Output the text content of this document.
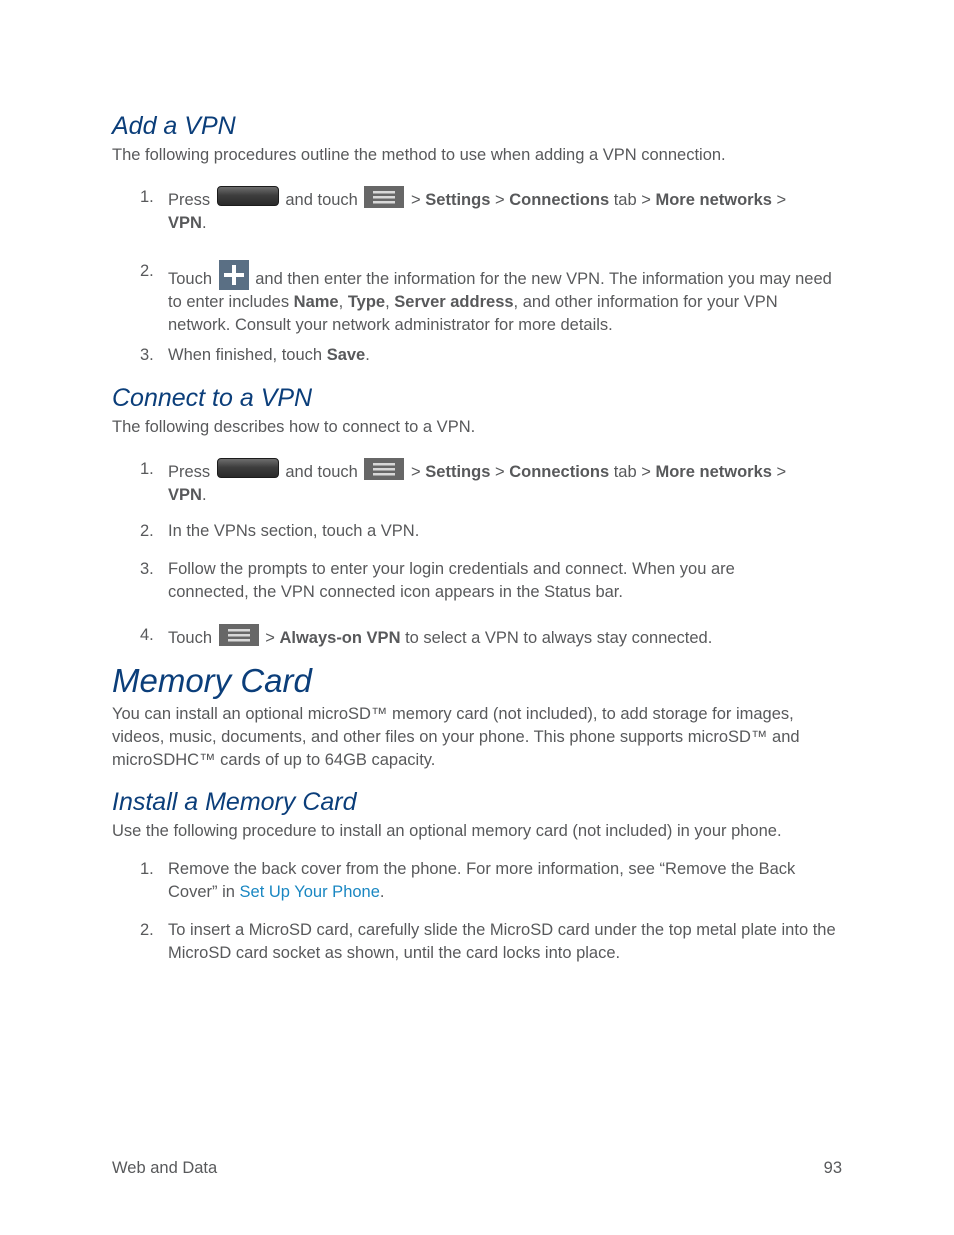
Add a VPN

The following procedures outline the method to use when adding a VPN connection.

1. Press	and touch	> Settings > Connections tab > More networks >
VPN.
2. Touch	and then enter the information for the new VPN. The information you may need to enter includes Name, Type, Server address, and other information for your VPN network. Consult your network administrator for more details.
3. When finished, touch Save.
Connect to a VPN

The following describes how to connect to a VPN.

1. Press	and touch	> Settings > Connections tab > More networks >
VPN.
2. In the VPNs section, touch a VPN.
3. Follow the prompts to enter your login credentials and connect. When you are connected, the VPN connected icon appears in the Status bar.
4. Touch	> Always-on VPN to select a VPN to always stay connected.
Memory Card

You can install an optional microSD™ memory card (not included), to add storage for images, videos, music, documents, and other files on your phone. This phone supports microSD™ and microSDHC™ cards of up to 64GB capacity.

Install a Memory Card

Use the following procedure to install an optional memory card (not included) in your phone.

1. Remove the back cover from the phone. For more information, see “Remove the Back Cover” in Set Up Your Phone.
2. To insert a MicroSD card, carefully slide the MicroSD card under the top metal plate into the MicroSD card socket as shown, until the card locks into place.
Web and Data	93
